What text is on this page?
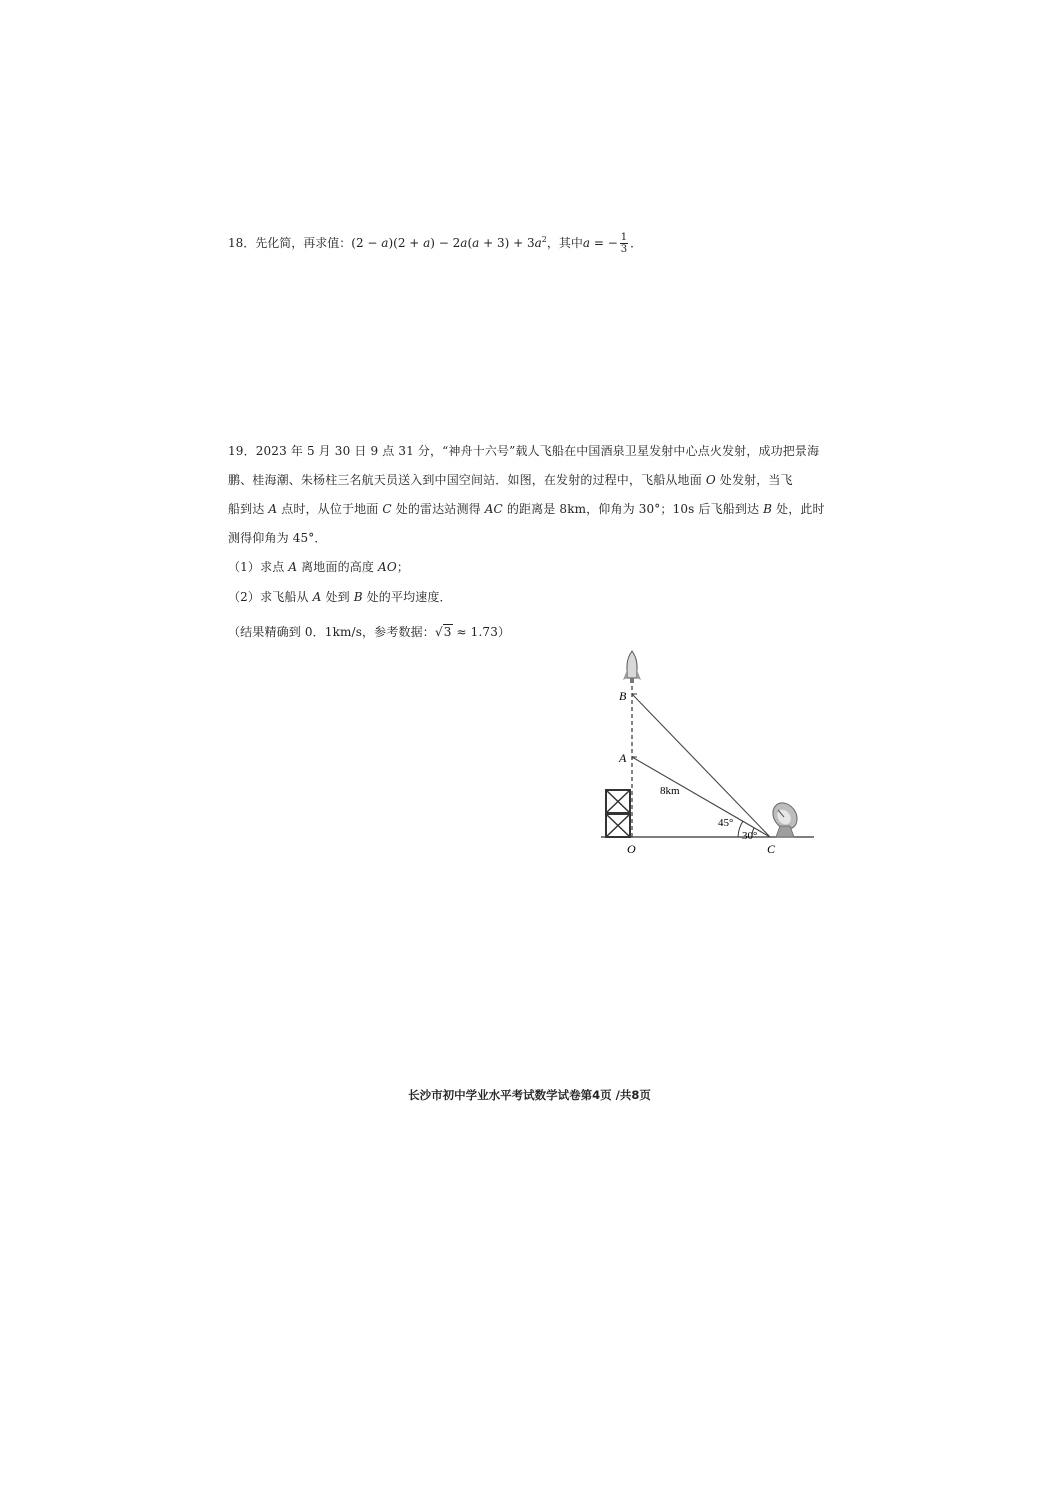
18．先化简，再求值：$(2 - a)(2 + a) - 2a(a + 3) + 3a^2$，其中a = − $\frac{1}{3}$ ．

19．2023 年 5 月 30 日 9 点 31 分，“神舟十六号”载人飞船在中国酒泉卫星发射中心点火发射，成功把景海

鹏、桂海潮、朱杨柱三名航天员送入到中国空间站．如图，在发射的过程中，飞船从地面 O 处发射，当飞

船到达 A 点时，从位于地面 C 处的雷达站测得 AC 的距离是 8km，仰角为 30°；10s 后飞船到达 B 处，此时

测得仰角为 45°．

（1）求点 A 离地面的高度 AO；

（2）求飞船从 A 处到 B 处的平均速度．

（结果精确到 0．1km/s，参考数据：√3 ≈ 1.73）

B
A
O	C
8km
45°
30°
长沙市初中学业水平考试数学试卷第4页 /共8页
